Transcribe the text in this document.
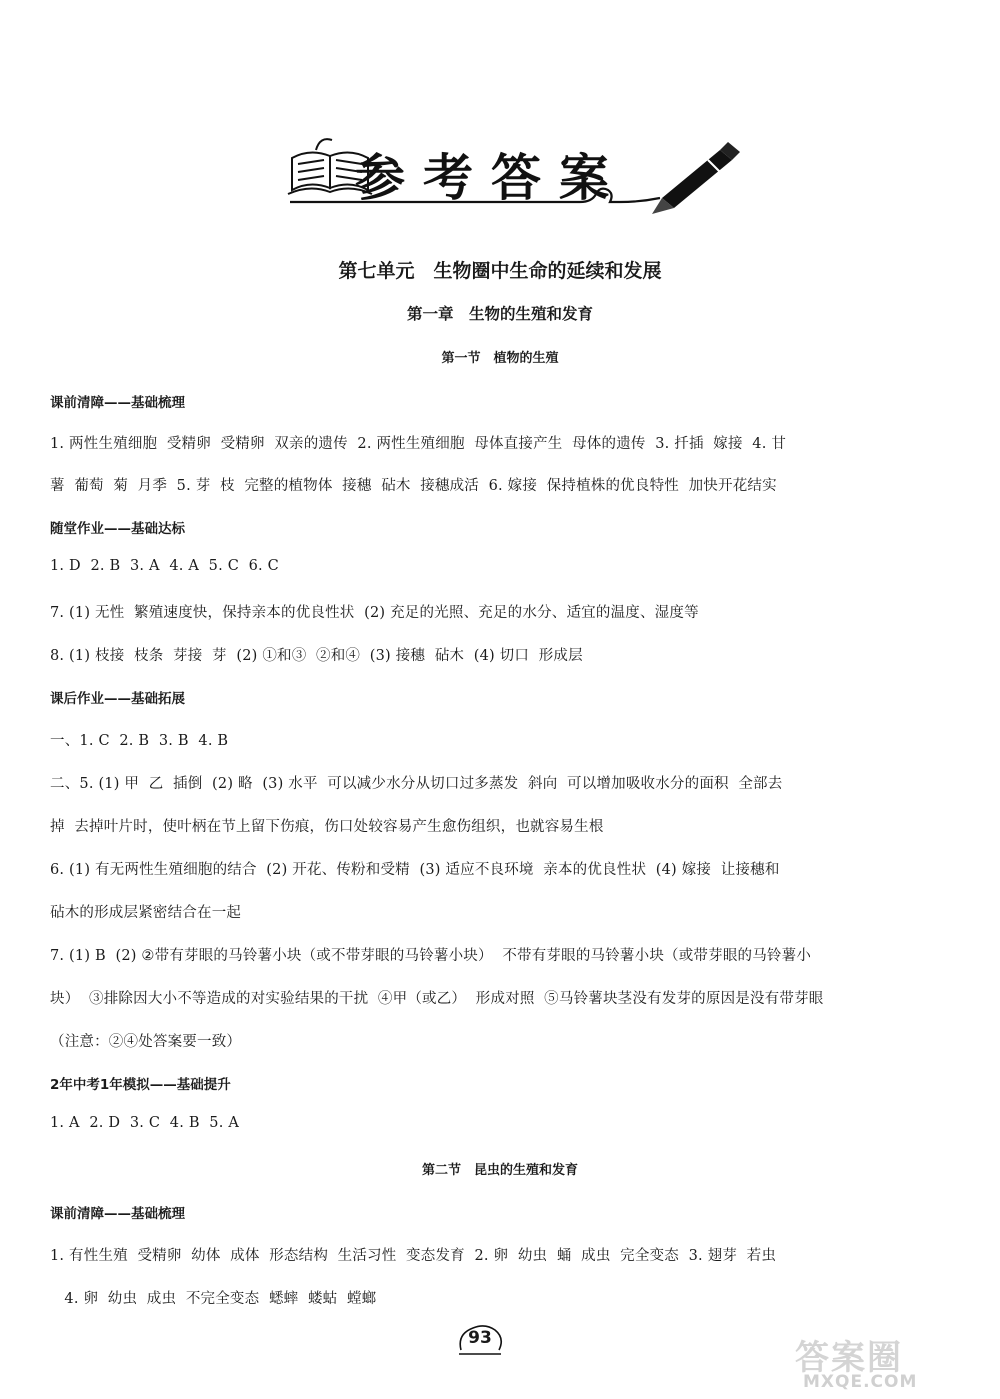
参考答案
第七单元　生物圈中生命的延续和发展
第一章　生物的生殖和发育
第一节　植物的生殖
课前清障——基础梳理
1. 两性生殖细胞  受精卵  受精卵  双亲的遗传  2. 两性生殖细胞  母体直接产生  母体的遗传  3. 扦插  嫁接  4. 甘
薯  葡萄  菊  月季  5. 芽  枝  完整的植物体  接穗  砧木  接穗成活  6. 嫁接  保持植株的优良特性  加快开花结实
随堂作业——基础达标
1. D  2. B  3. A  4. A  5. C  6. C
7. (1) 无性  繁殖速度快，保持亲本的优良性状  (2) 充足的光照、充足的水分、适宜的温度、湿度等
8. (1) 枝接  枝条  芽接  芽  (2) ①和③  ②和④  (3) 接穗  砧木  (4) 切口  形成层
课后作业——基础拓展
一、1. C  2. B  3. B  4. B
二、5. (1) 甲  乙  插倒  (2) 略  (3) 水平  可以减少水分从切口过多蒸发  斜向  可以增加吸收水分的面积  全部去
掉  去掉叶片时，使叶柄在节上留下伤痕，伤口处较容易产生愈伤组织，也就容易生根
6. (1) 有无两性生殖细胞的结合  (2) 开花、传粉和受精  (3) 适应不良环境  亲本的优良性状  (4) 嫁接  让接穗和
砧木的形成层紧密结合在一起
7. (1) B  (2) ②带有芽眼的马铃薯小块（或不带芽眼的马铃薯小块）  不带有芽眼的马铃薯小块（或带芽眼的马铃薯小
块）  ③排除因大小不等造成的对实验结果的干扰  ④甲（或乙）  形成对照  ⑤马铃薯块茎没有发芽的原因是没有带芽眼
（注意：②④处答案要一致）
2年中考1年模拟——基础提升
1. A  2. D  3. C  4. B  5. A
第二节　昆虫的生殖和发育
课前清障——基础梳理
1. 有性生殖  受精卵  幼体  成体  形态结构  生活习性  变态发育  2. 卵  幼虫  蛹  成虫  完全变态  3. 翅芽  若虫
4. 卵  幼虫  成虫  不完全变态  蟋蟀  蝼蛄  螳螂
93	答案圈
MXQE.COM
